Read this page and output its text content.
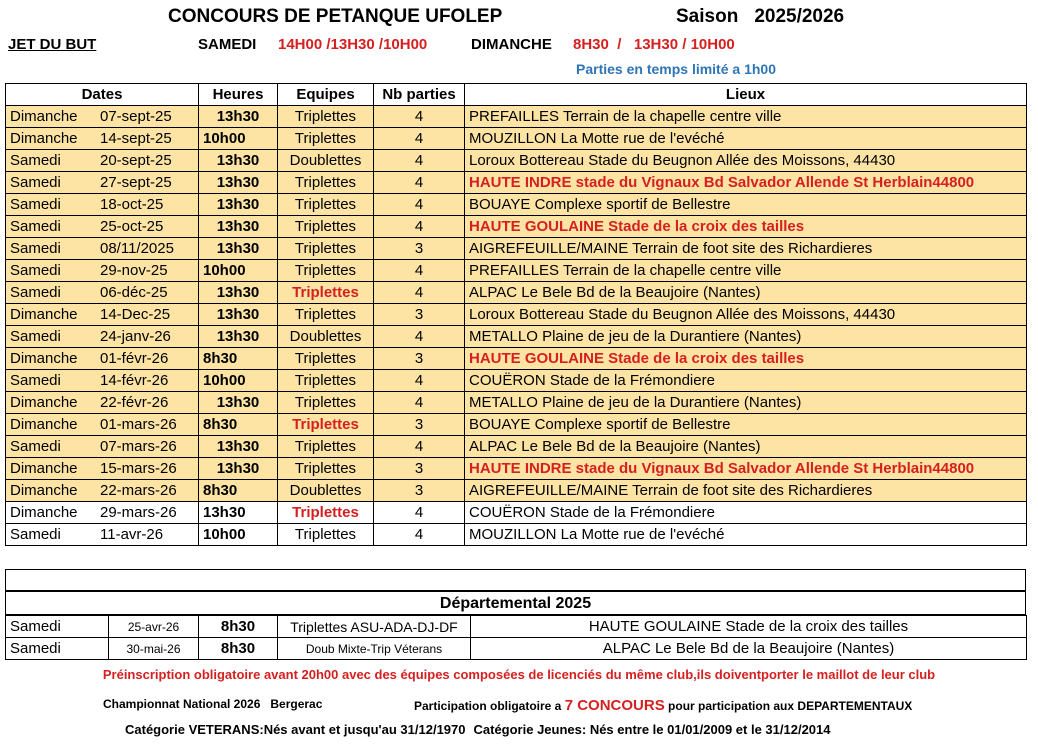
CONCOURS DE PETANQUE UFOLEP	Saison 2025/2026
JET DU BUT	SAMEDI 14H00 /13H30 /10H00	DIMANCHE 8H30  /   13H30 / 10H00
Parties en temps limité a 1h00
Dates	Heures	Equipes	Nb parties	Lieux
Dimanche 07-sept-25	13h30	Triplettes	4	PREFAILLES Terrain de la chapelle centre ville
Dimanche 14-sept-25	10h00	Triplettes	4	MOUZILLON La Motte rue de l'evéché
Samedi 20-sept-25	13h30	Doublettes	4	Loroux Bottereau Stade du Beugnon Allée des Moissons, 44430
Samedi 27-sept-25	13h30	Triplettes	4	HAUTE INDRE stade du Vignaux Bd Salvador Allende St Herblain44800
Samedi 18-oct-25	13h30	Triplettes	4	BOUAYE Complexe sportif de Bellestre
Samedi 25-oct-25	13h30	Triplettes	4	HAUTE GOULAINE Stade de la croix des tailles
Samedi 08/11/2025	13h30	Triplettes	3	AIGREFEUILLE/MAINE Terrain de foot site des Richardieres
Samedi 29-nov-25	10h00	Triplettes	4	PREFAILLES Terrain de la chapelle centre ville
Samedi 06-déc-25	13h30	Triplettes	4	ALPAC Le Bele Bd de la Beaujoire (Nantes)
Dimanche 14-Dec-25	13h30	Triplettes	3	Loroux Bottereau Stade du Beugnon Allée des Moissons, 44430
Samedi 24-janv-26	13h30	Doublettes	4	METALLO Plaine de jeu de la Durantiere (Nantes)
Dimanche 01-févr-26	8h30	Triplettes	3	HAUTE GOULAINE Stade de la croix des tailles
Samedi 14-févr-26	10h00	Triplettes	4	COUËRON Stade de la Frémondiere
Dimanche 22-févr-26	13h30	Triplettes	4	METALLO Plaine de jeu de la Durantiere (Nantes)
Dimanche 01-mars-26	8h30	Triplettes	3	BOUAYE Complexe sportif de Bellestre
Samedi 07-mars-26	13h30	Triplettes	4	ALPAC Le Bele Bd de la Beaujoire (Nantes)
Dimanche 15-mars-26	13h30	Triplettes	3	HAUTE INDRE stade du Vignaux Bd Salvador Allende St Herblain44800
Dimanche 22-mars-26	8h30	Doublettes	3	AIGREFEUILLE/MAINE Terrain de foot site des Richardieres
Dimanche 29-mars-26	13h30	Triplettes	4	COUËRON Stade de la Frémondiere
Samedi 11-avr-26	10h00	Triplettes	4	MOUZILLON La Motte rue de l'evéché
Départemental 2025
Samedi	25-avr-26	8h30	Triplettes ASU-ADA-DJ-DF	HAUTE GOULAINE Stade de la croix des tailles
Samedi	30-mai-26	8h30	Doub Mixte-Trip Véterans	ALPAC Le Bele Bd de la Beaujoire (Nantes)
Préinscription obligatoire avant 20h00 avec des équipes composées de licenciés du même club,ils doiventporter le maillot de leur club
Championnat National 2026   Bergerac	Participation obligatoire a 7 CONCOURS pour participation aux DEPARTEMENTAUX
Catégorie VETERANS:Nés avant et jusqu'au 31/12/1970 Catégorie Jeunes: Nés entre le 01/01/2009 et le 31/12/2014
